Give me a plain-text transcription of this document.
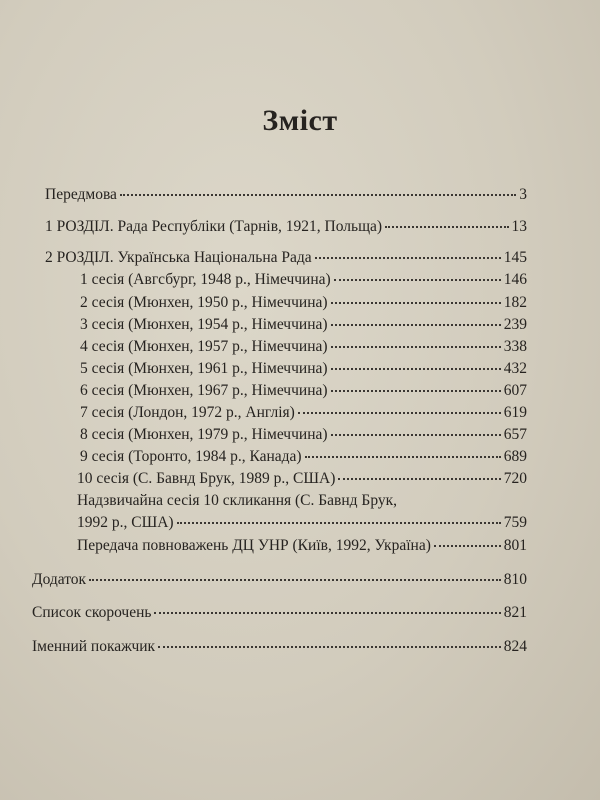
Зміст
Передмова	3
1 РОЗДІЛ. Рада Республіки (Тарнів, 1921, Польща)	13
2 РОЗДІЛ. Українська Національна Рада	145
1 сесія (Авгсбург, 1948 р., Німеччина)	146
2 сесія (Мюнхен, 1950 р., Німеччина)	182
3 сесія (Мюнхен, 1954 р., Німеччина)	239
4 сесія (Мюнхен, 1957 р., Німеччина)	338
5 сесія (Мюнхен, 1961 р., Німеччина)	432
6 сесія (Мюнхен, 1967 р., Німеччина)	607
7 сесія (Лондон, 1972 р., Англія)	619
8 сесія (Мюнхен, 1979 р., Німеччина)	657
9 сесія (Торонто, 1984 р., Канада)	689
10 сесія (С. Бавнд Брук, 1989 р., США)	720
Надзвичайна сесія 10 скликання (С. Бавнд Брук,
1992 р., США)	759
Передача повноважень ДЦ УНР (Київ, 1992, Україна)	801
Додаток	810
Список скорочень	821
Іменний покажчик	824
